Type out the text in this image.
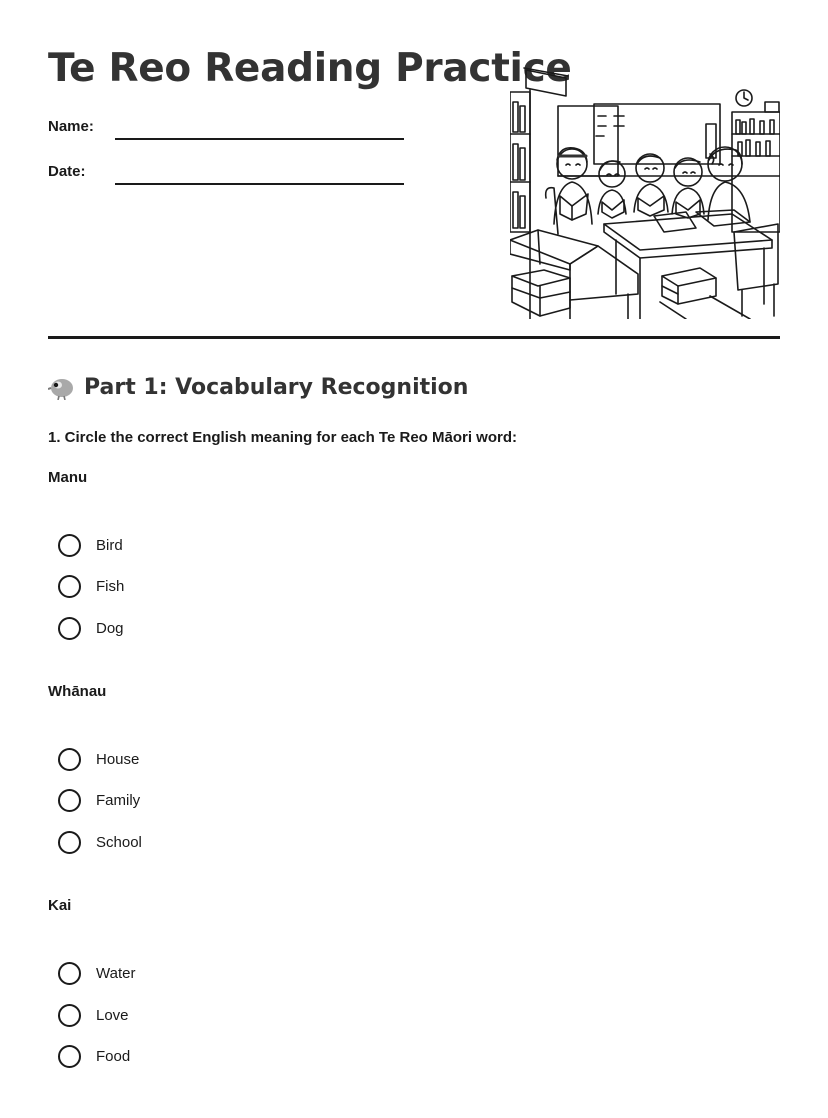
Te Reo Reading Practice
Name:
Date:
Part 1: Vocabulary Recognition
1. Circle the correct English meaning for each Te Reo Māori word:
Manu
Bird
Fish
Dog
Whānau
House
Family
School
Kai
Water
Love
Food
